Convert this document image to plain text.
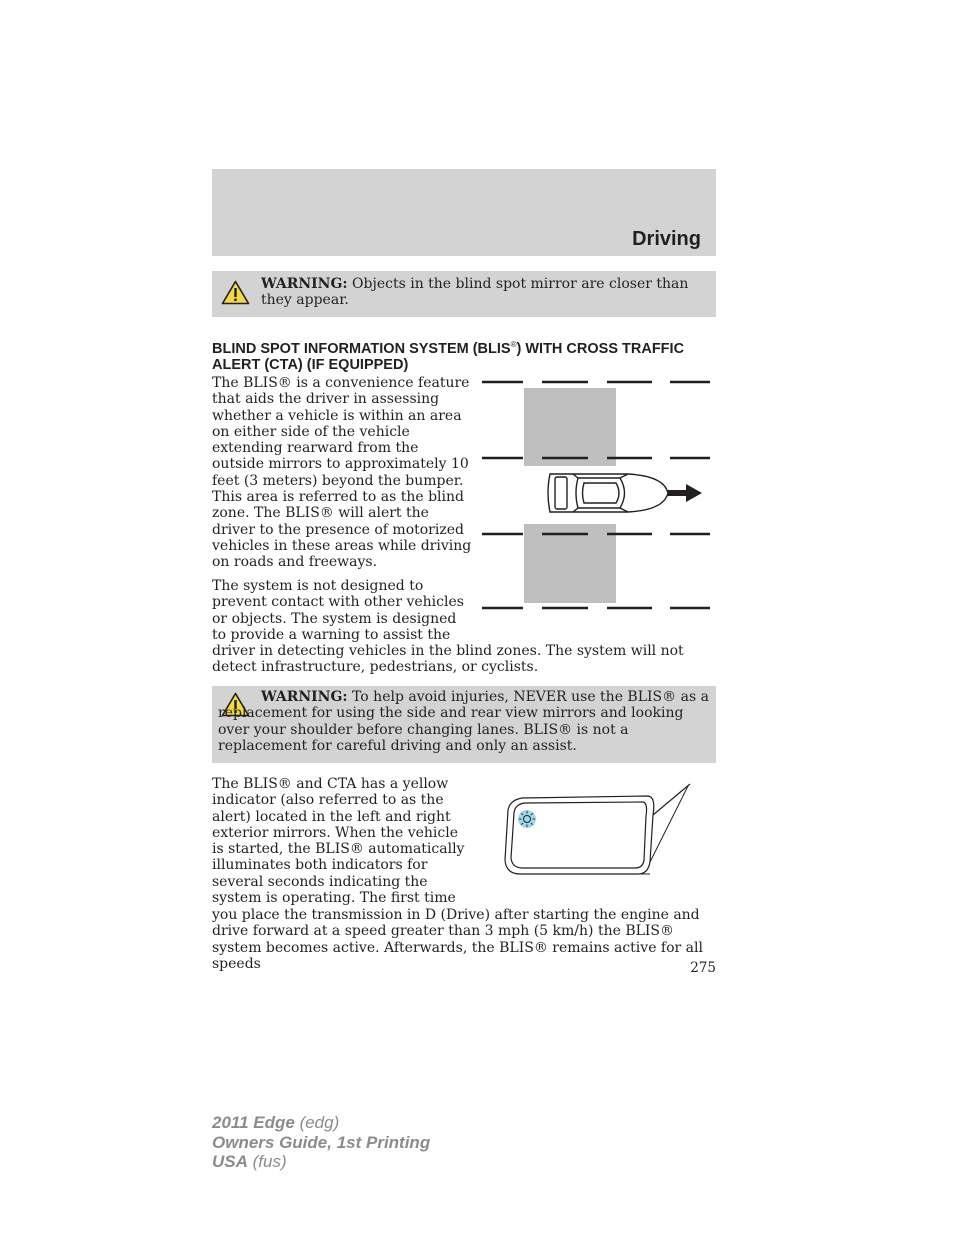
Driving
WARNING: Objects in the blind spot mirror are closer than they appear.
BLIND SPOT INFORMATION SYSTEM (BLIS®) WITH CROSS TRAFFIC ALERT (CTA) (IF EQUIPPED)
The BLIS® is a convenience feature that aids the driver in assessing whether a vehicle is within an area on either side of the vehicle extending rearward from the outside mirrors to approximately 10 feet (3 meters) beyond the bumper. This area is referred to as the blind zone. The BLIS® will alert the driver to the presence of motorized vehicles in these areas while driving on roads and freeways.
The system is not designed to prevent contact with other vehicles or objects. The system is designed to provide a warning to assist the
driver in detecting vehicles in the blind zones. The system will not detect infrastructure, pedestrians, or cyclists.
WARNING: To help avoid injuries, NEVER use the BLIS® as a replacement for using the side and rear view mirrors and looking over your shoulder before changing lanes. BLIS® is not a replacement for careful driving and only an assist.
The BLIS® and CTA has a yellow indicator (also referred to as the alert) located in the left and right exterior mirrors. When the vehicle is started, the BLIS® automatically illuminates both indicators for several seconds indicating the system is operating. The first time
you place the transmission in D (Drive) after starting the engine and drive forward at a speed greater than 3 mph (5 km/h) the BLIS® system becomes active. Afterwards, the BLIS® remains active for all speeds	275
2011 Edge (edg)
Owners Guide, 1st Printing
USA (fus)
